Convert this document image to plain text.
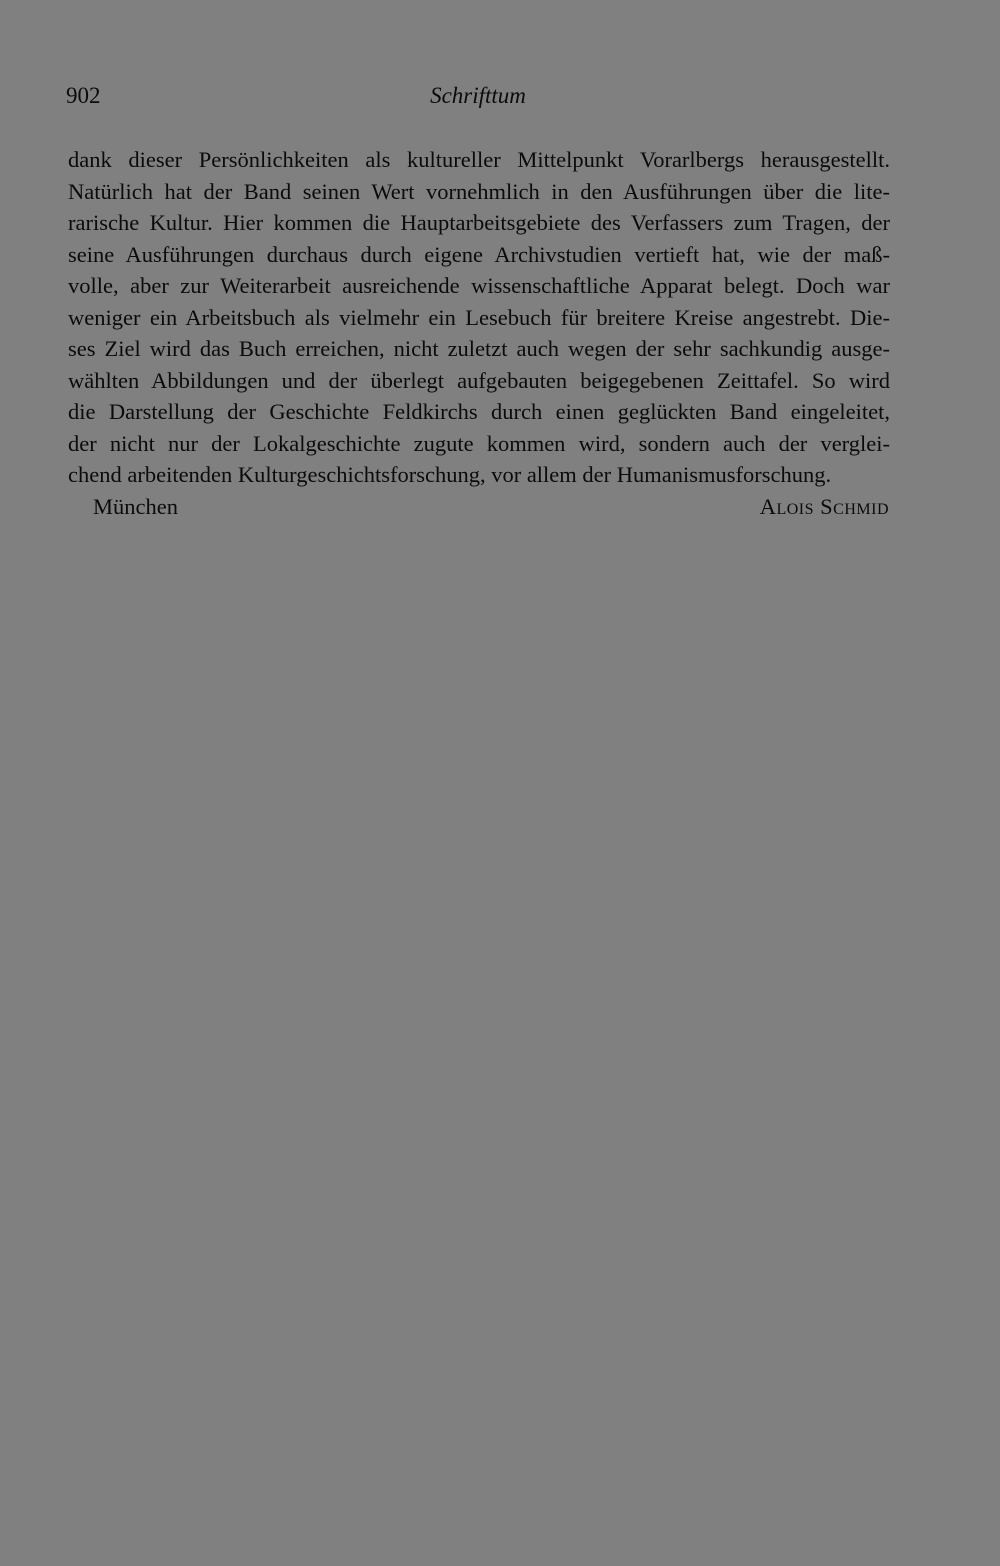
902	Schrifttum
dank dieser Persönlichkeiten als kultureller Mittelpunkt Vorarlbergs herausgestellt.
Natürlich hat der Band seinen Wert vornehmlich in den Ausführungen über die lite-
rarische Kultur. Hier kommen die Hauptarbeitsgebiete des Verfassers zum Tragen, der
seine Ausführungen durchaus durch eigene Archivstudien vertieft hat, wie der maß-
volle, aber zur Weiterarbeit ausreichende wissenschaftliche Apparat belegt. Doch war
weniger ein Arbeitsbuch als vielmehr ein Lesebuch für breitere Kreise angestrebt. Die-
ses Ziel wird das Buch erreichen, nicht zuletzt auch wegen der sehr sachkundig ausge-
wählten Abbildungen und der überlegt aufgebauten beigegebenen Zeittafel. So wird
die Darstellung der Geschichte Feldkirchs durch einen geglückten Band eingeleitet,
der nicht nur der Lokalgeschichte zugute kommen wird, sondern auch der verglei-
chend arbeitenden Kulturgeschichtsforschung, vor allem der Humanismusforschung.
München	Alois Schmid
